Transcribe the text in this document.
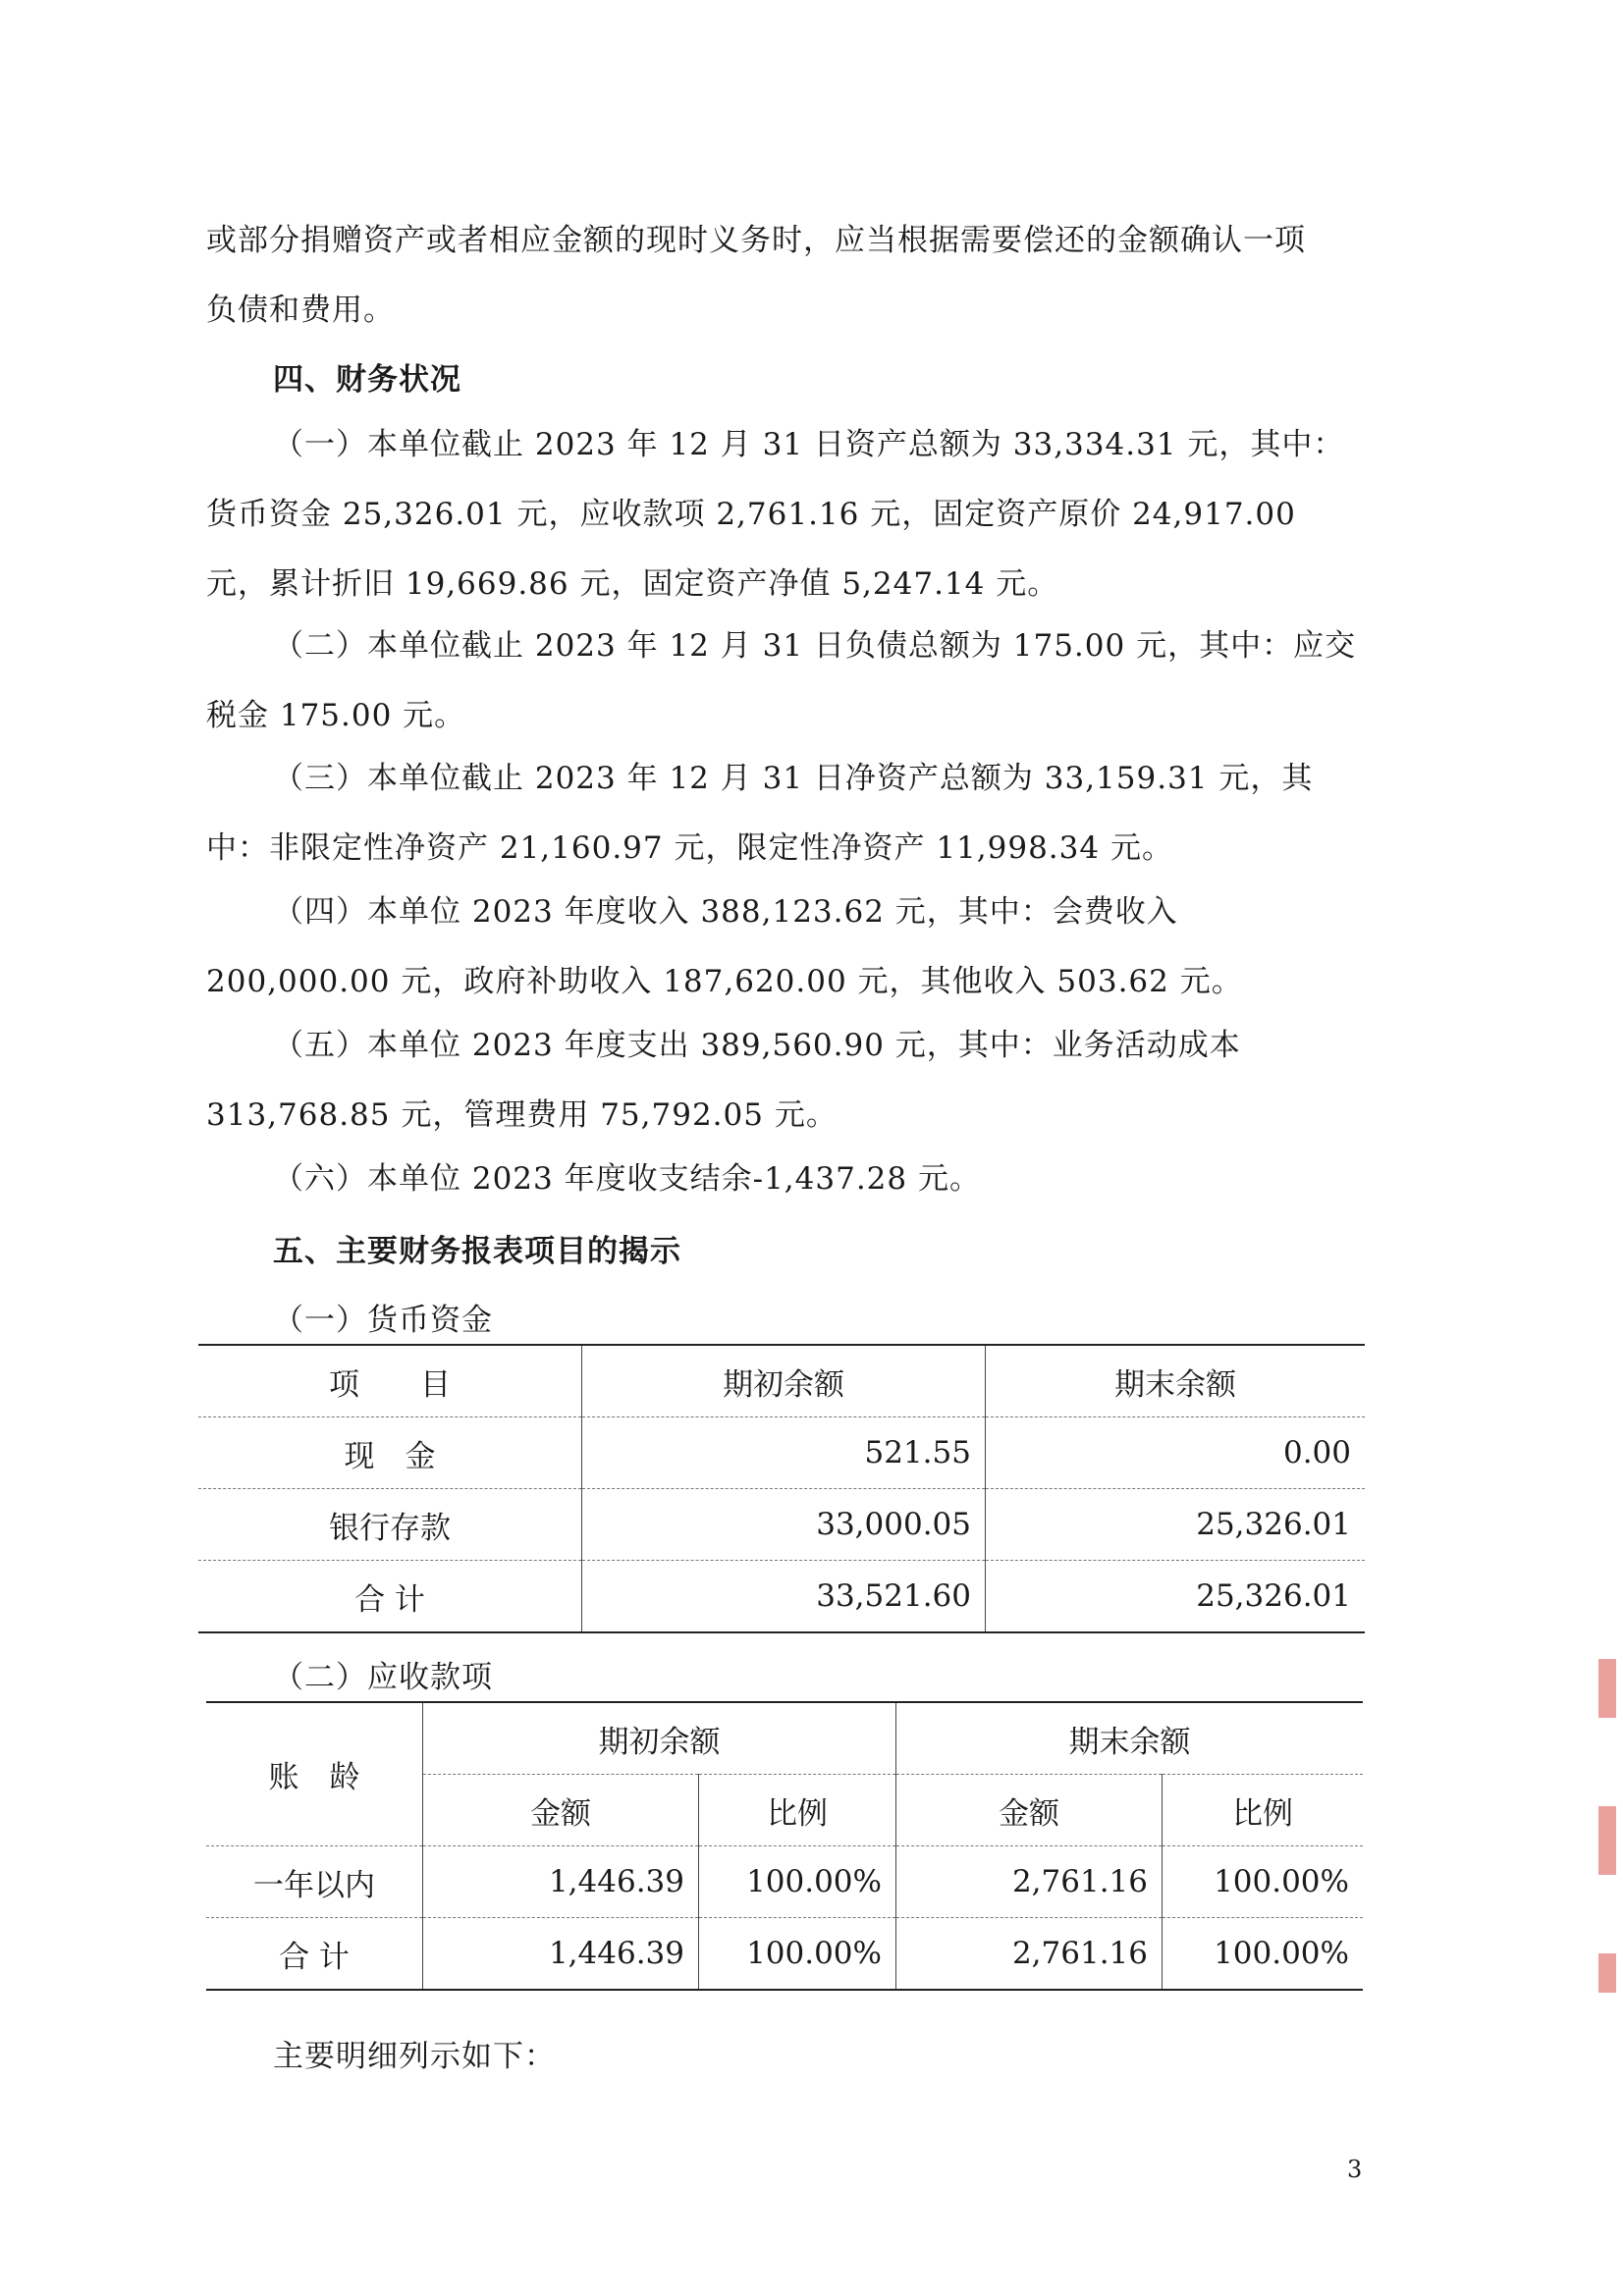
或部分捐赠资产或者相应金额的现时义务时，应当根据需要偿还的金额确认一项

负债和费用。

四、财务状况

（一）本单位截止 2023 年 12 月 31 日资产总额为 33,334.31 元，其中：货币资金 25,326.01 元，应收款项 2,761.16 元，固定资产原价 24,917.00 元，累计折旧 19,669.86 元，固定资产净值 5,247.14 元。

（二）本单位截止 2023 年 12 月 31 日负债总额为 175.00 元，其中：应交税金 175.00 元。

（三）本单位截止 2023 年 12 月 31 日净资产总额为 33,159.31 元，其中：非限定性净资产 21,160.97 元，限定性净资产 11,998.34 元。

（四）本单位 2023 年度收入 388,123.62 元，其中：会费收入 200,000.00 元，政府补助收入 187,620.00 元，其他收入 503.62 元。

（五）本单位 2023 年度支出 389,560.90 元，其中：业务活动成本 313,768.85 元，管理费用 75,792.05 元。

（六）本单位 2023 年度收支结余-1,437.28 元。

五、主要财务报表项目的揭示

（一）货币资金

项　　目	期初余额	期末余额
现　金	521.55	0.00
银行存款	33,000.05	25,326.01
合 计	33,521.60	25,326.01

（二）应收款项

账　龄	期初余额		期末余额	
	金额	比例	金额	比例
一年以内	1,446.39	100.00%	2,761.16	100.00%
合 计	1,446.39	100.00%	2,761.16	100.00%

主要明细列示如下：

3
